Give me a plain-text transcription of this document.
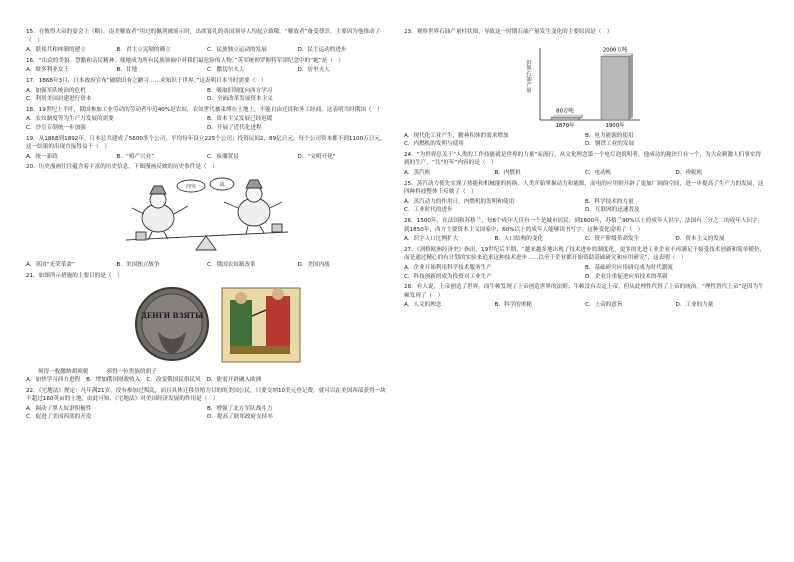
15．在彼得大帝的宴会上（略），南美解放者“用过的佩剑被展示时，出席宴礼的各国领导人均起立致敬。“解放者”备受尊崇，主要因为他推动了（　）
A．联邦共和体制的建立	B．君主立宪制的确立	C．民族独立运动的发展	D．民主运动的进步
16．“出众的美貌、慧黠和亲民精神，使她成为所有民族领袖中对我们最危险的人物。”英军统帅罗斯特军团纪念中的“她”是（　）
A．维多利亚女王	B．甘地	C．撒切尔夫人	D．居里夫人
17．1868年3月，日本政府宣布“破除旧有之陋习……求知识于世界。”这表明日本当时需要（　）
A．加强军队统治的危机	B．吸取旧制度向西方学习
C．利用美国封建进行资本	D．全面改革发展资本主义
18．19世纪上半叶，俄国参加工业劳动的劳动者中近40%是农奴，农奴世代被束缚在土地上，不能自由迁徙和务工经商。这表明当时俄国（　）
A．农奴制度等为生产力发展的需要	B．资本主义发展已经迟缓
C．沙皇专制统一步加强	D．开展了近代化进程
19．从1868到1892年，日本总共建成了5600多个公司，平均每年设立225个公司；投资民间2，89亿日元，每个公司资本都不到1100万日元。这一结果的出现直接得益于（　）
A．统一新政	B．“殖产兴业”	C．废藩置县	D．“文明开化”
20．历史漫画往往蕴含着丰富的历史信息。下图漫画反映的历史事件是（　）
冲突	战
A．英国“光荣革命”	B．美国独立战争	C．俄国农奴制改革	D．美国内战
21．如图所示措施的主要目的是（　）
ДЕНГИ ВЗЯТЫ
须得一枚缴纳胡须税	须得一位贵族的胡子
A．加快学习西方进程 B．增加俄国财政收入 C．改变俄国民俗民风 D．能需开辟融入欧洲
22．《宅地法》规定：凡年满21岁，没有参加过叛乱，而且具体迁移垦殖为目的的美国公民，只要交纳10美元登记费，就可以在美国西部获得一块不超过160英亩的土地。由此可知，《宅地法》对美国经济发展的作用是（　）
A．调动了黑人奴隶积极性	B．增强了北方军队战斗力
C．促进了美国西部的开发	D．提高了联邦政府支持率
23．观察世界石油产量柱状图，导致这一时期石油产量发生变化的主要原因是（　）
世界石油产量
80万吨
1870年
2000万吨
1900年
A．现代化工业产生，精神积体的需求增加	B．电力能源的使用
C．内燃机的发明与使用	D．钢铁工业的发展
24．“为世界总关于“人类的工作技能就是世界的力量”而流行，从文化理念第一个电灯泡说明者，他成功的秘诀只有一个，为大众刺激人们事实得到的生产，“共“好年”内容的是（　）
A．蒸汽机	B．内燃机	C．电动机	D．珍妮机
25．蒸汽动力使先实现了热能和机械能的转换，人类开始掌握动力和能源，而电的应用则开辟了更加广阔的空间，进一步提高了生产力的发展，这四种科技整体上反映了（　）
A．蒸汽动力的作用日，内燃机的发明和使用	B．科学技术的力量
C．工业时代的进步	D．互联网的迅速普及
26．1500年，在法国和苏格兰，每6个成年人仅有一个是城市居民；到1600年，苏格兰90%以上的成年人识字，法国有三分之二的成年人识字，到1850年，西方主要资本主义国家中，60%以上的成年人能够读书写字。这种变化说明了（　）
A．识字人口比例扩大	B．人口结构的变化	C．资产阶级革命发生	D．资本主义的发展
27．《剑桥欧洲经济史》指出，19世纪后半期，“越来越多地出现了技术进步的制度化，更多的先进工业企业不再满足于接受技术创新和简单模仿，而是通过精心的有计划的实验来追求这种技术进步……以至于企业都开始资助基础研究和应用研究”，这表明（　）
A．企业开始利用科学技术服务生产	B．基础研究应用研究成为时代潮流
C．科技创新的成为投资对工业生产	D．企业注重促进应用技术的革新
28．有人说，上帝创造了世界，而牛顿发现了上帝创造世界的法则；牛顿没有否定上帝，但从此理性代替了上帝的统治。“理性替代上帝”是因为牛顿发现了（　）
A．人文的理念	B．科学的奥秘	C．上帝的意旨	D．工业的力量
